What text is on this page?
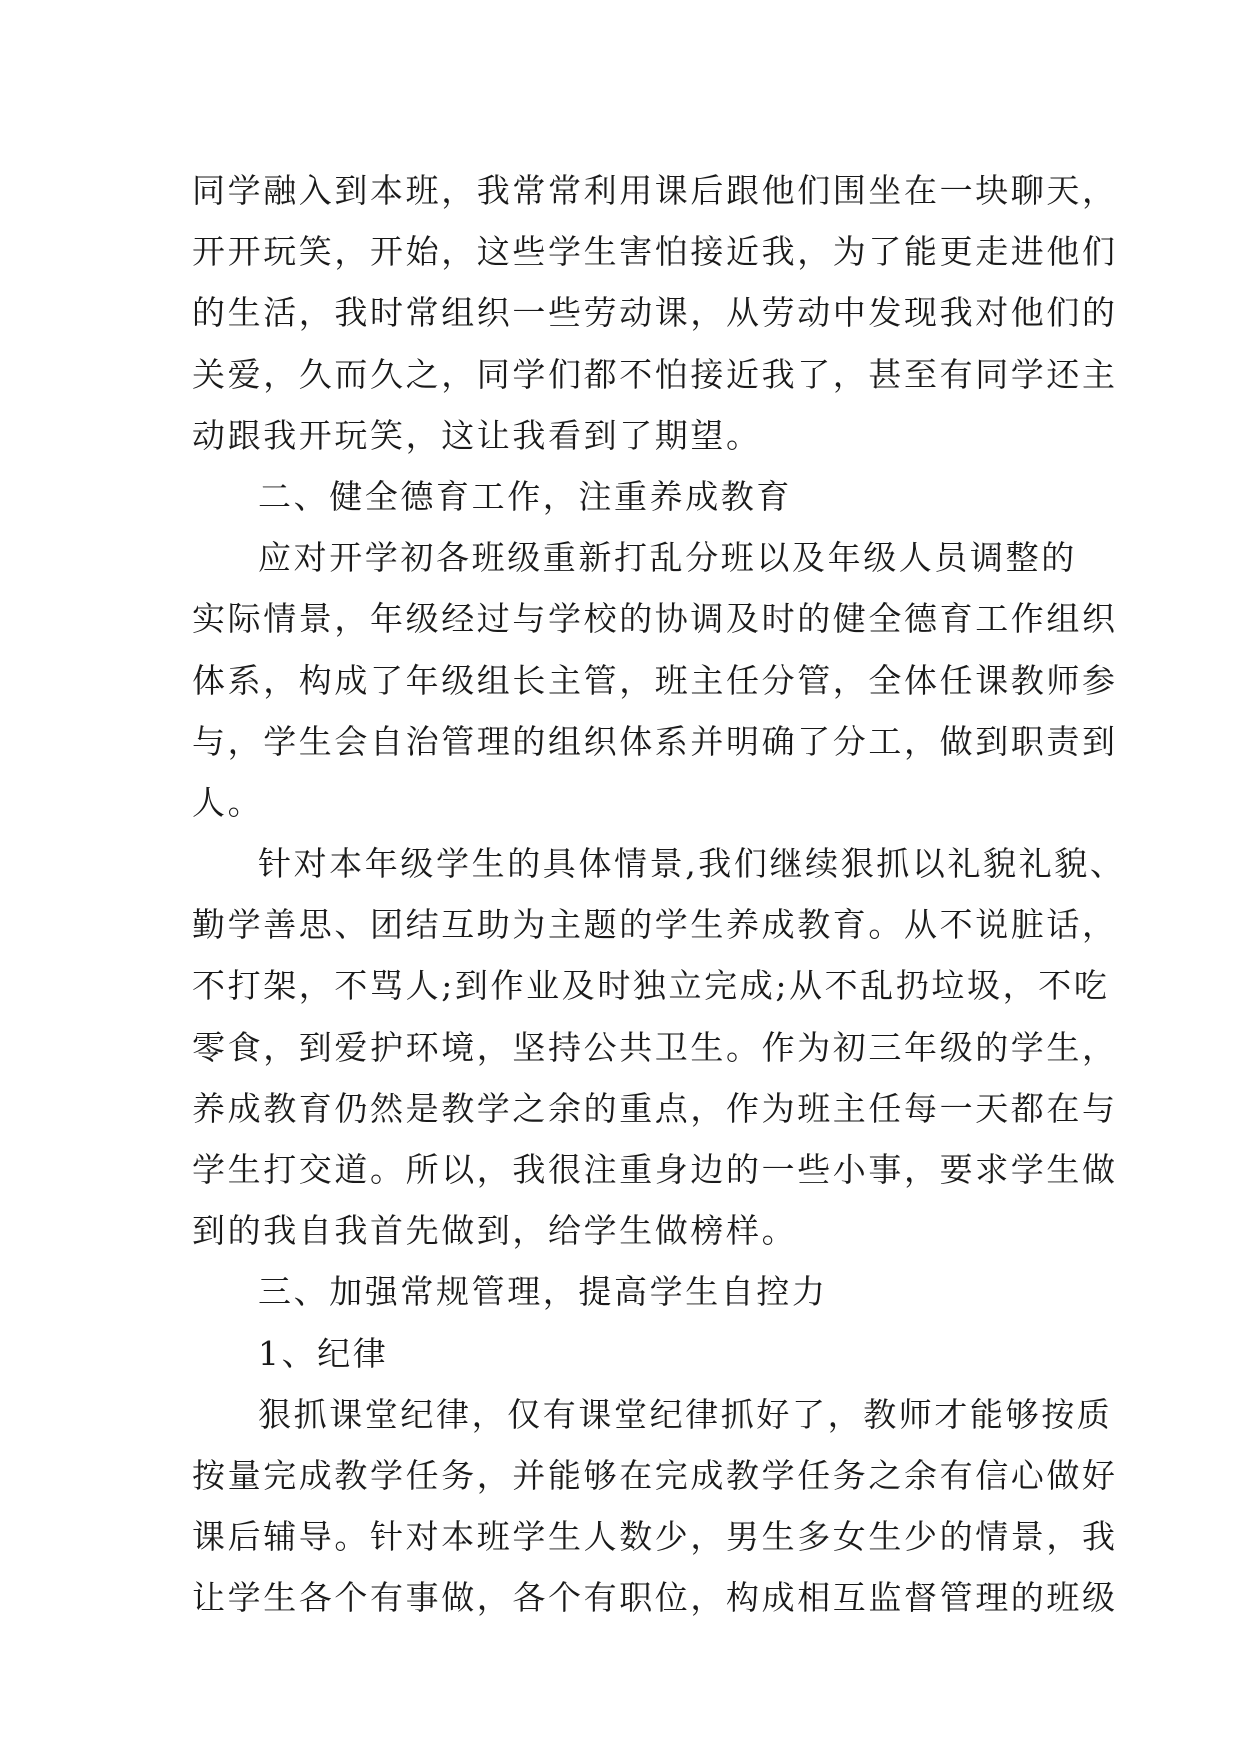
同学融入到本班，我常常利用课后跟他们围坐在一块聊天，
开开玩笑，开始，这些学生害怕接近我，为了能更走进他们
的生活，我时常组织一些劳动课，从劳动中发现我对他们的
关爱，久而久之，同学们都不怕接近我了，甚至有同学还主
动跟我开玩笑，这让我看到了期望。
二、健全德育工作，注重养成教育
应对开学初各班级重新打乱分班以及年级人员调整的
实际情景，年级经过与学校的协调及时的健全德育工作组织
体系，构成了年级组长主管，班主任分管，全体任课教师参
与，学生会自治管理的组织体系并明确了分工，做到职责到
人。
针对本年级学生的具体情景,我们继续狠抓以礼貌礼貌、
勤学善思、团结互助为主题的学生养成教育。从不说脏话，
不打架，不骂人;到作业及时独立完成;从不乱扔垃圾，不吃
零食，到爱护环境，坚持公共卫生。作为初三年级的学生，
养成教育仍然是教学之余的重点，作为班主任每一天都在与
学生打交道。所以，我很注重身边的一些小事，要求学生做
到的我自我首先做到，给学生做榜样。
三、加强常规管理，提高学生自控力
1、纪律
狠抓课堂纪律，仅有课堂纪律抓好了，教师才能够按质
按量完成教学任务，并能够在完成教学任务之余有信心做好
课后辅导。针对本班学生人数少，男生多女生少的情景，我
让学生各个有事做，各个有职位，构成相互监督管理的班级
